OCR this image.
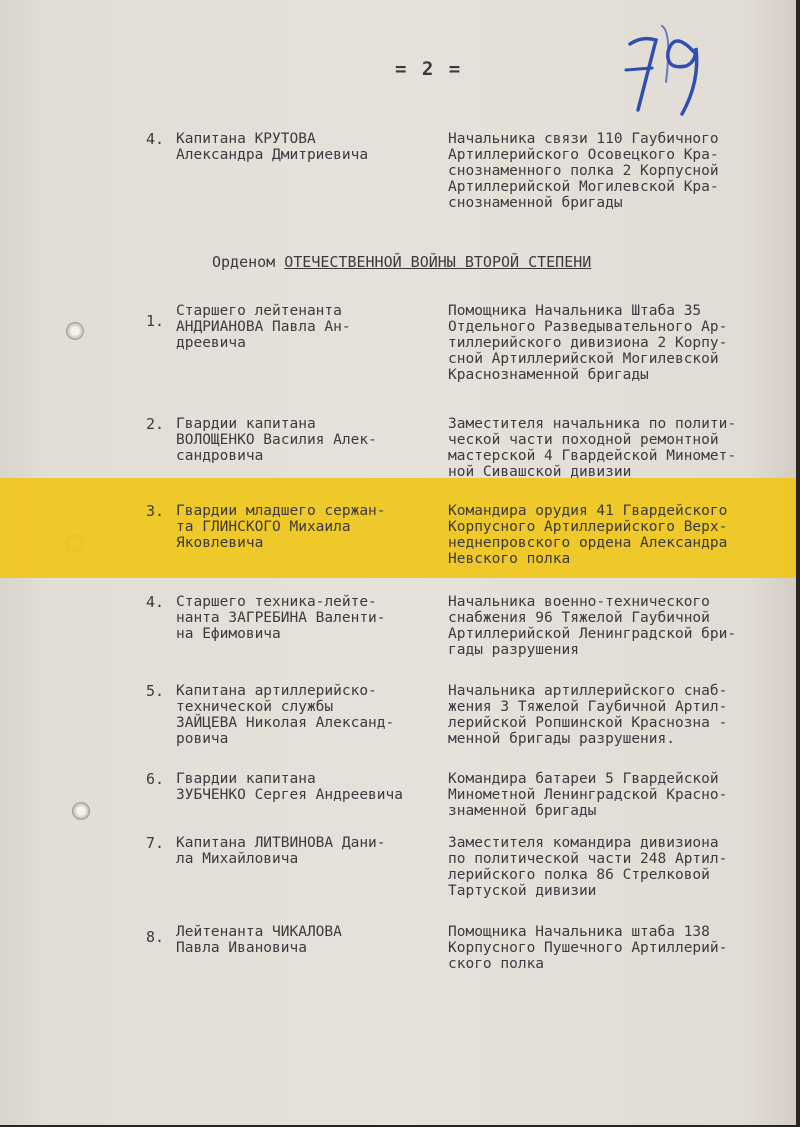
= 2 =
4. Капитана КРУТОВА
Александра Дмитриевича
Начальника связи 110 Гаубичного
Артиллерийского Осовецкого Кра-
снознаменного полка 2 Корпусной
Артиллерийской Могилевской Кра-
снознаменной бригады
Орденом ОТЕЧЕСТВЕННОЙ ВОЙНЫ ВТОРОЙ СТЕПЕНИ
1.
Старшего лейтенанта
АНДРИАНОВА Павла Ан-
дреевича
Помощника Начальника Штаба 35
Отдельного Разведывательного Ар-
тиллерийского дивизиона 2 Корпу-
сной Артиллерийской Могилевской
Краснознаменной бригады
2. Гвардии капитана
ВОЛОЩЕНКО Василия Алек-
сандровича
Заместителя начальника по полити-
ческой части походной ремонтной
мастерской 4 Гвардейской Миномет-
ной Сивашской дивизии
3. Гвардии младшего сержан-
та ГЛИНСКОГО Михаила
Яковлевича
Командира орудия 41 Гвардейского
Корпусного Артиллерийского Верх-
неднепровского ордена Александра
Невского полка
4. Старшего техника-лейте-
нанта ЗАГРЕБИНА Валенти-
на Ефимовича
Начальника военно-технического
снабжения 96 Тяжелой Гаубичной
Артиллерийской Ленинградской бри-
гады разрушения
5. Капитана артиллерийско-
технической службы
ЗАЙЦЕВА Николая Александ-
ровича
Начальника артиллерийского снаб-
жения 3 Тяжелой Гаубичной Артил-
лерийской Ропшинской Краснозна -
менной бригады разрушения.
6. Гвардии капитана
ЗУБЧЕНКО Сергея Андреевича
Командира батареи 5 Гвардейской
Минометной Ленинградской Красно-
знаменной бригады
7. Капитана ЛИТВИНОВА Дани-
ла Михайловича
Заместителя командира дивизиона
по политической части 248 Артил-
лерийского полка 86 Стрелковой
Тартуской дивизии
8. Лейтенанта ЧИКАЛОВА
Павла Ивановича
Помощника Начальника штаба 138
Корпусного Пушечного Артиллерий-
ского полка
